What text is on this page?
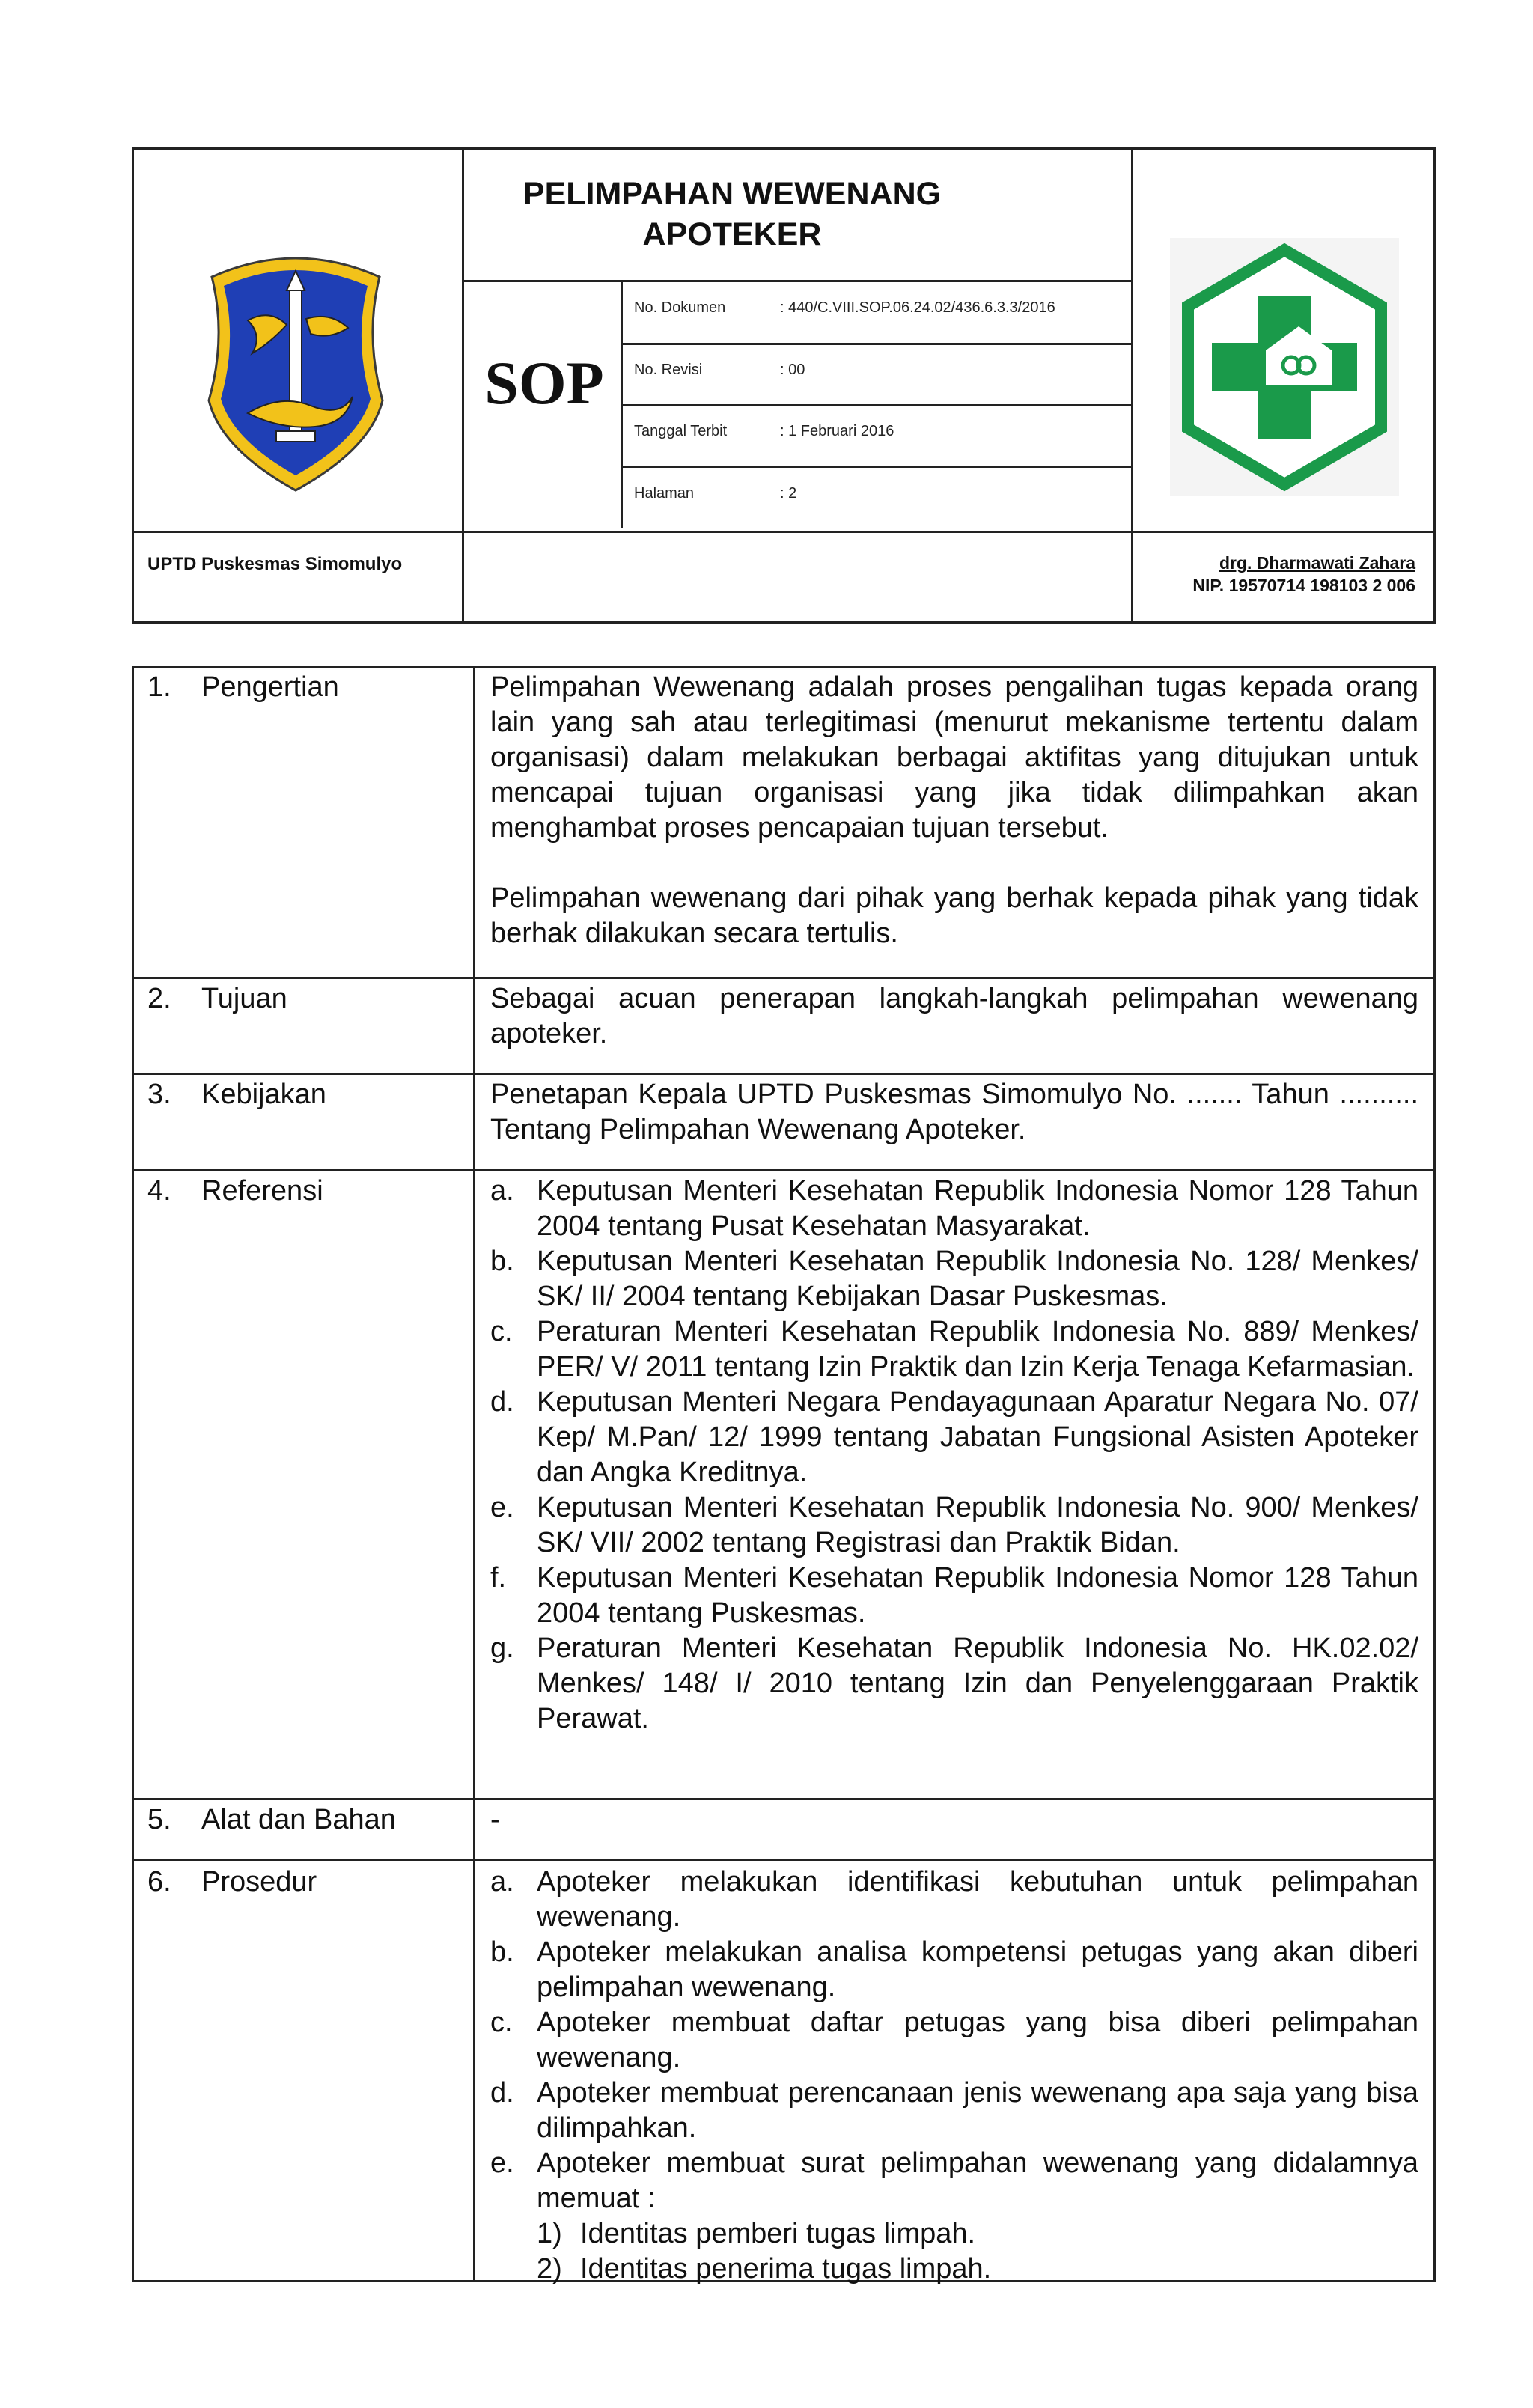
PELIMPAHAN WEWENANG
APOTEKER
SOP
No. Dokumen	: 440/C.VIII.SOP.06.24.02/436.6.3.3/2016
No. Revisi	: 00
Tanggal Terbit	: 1 Februari 2016
Halaman	: 2
UPTD Puskesmas Simomulyo	drg. Dharmawati Zahara
NIP. 19570714 198103 2 006
1. Pengertian	Pelimpahan Wewenang adalah proses pengalihan tugas kepada orang lain yang sah atau terlegitimasi (menurut mekanisme tertentu dalam organisasi) dalam melakukan berbagai aktifitas yang ditujukan untuk mencapai tujuan organisasi yang jika tidak dilimpahkan akan menghambat proses pencapaian tujuan tersebut.

Pelimpahan wewenang dari pihak yang berhak kepada pihak yang tidak berhak dilakukan secara tertulis.

2. Tujuan	Sebagai acuan penerapan langkah-langkah pelimpahan wewenang apoteker.

3. Kebijakan	Penetapan Kepala UPTD Puskesmas Simomulyo No. ....... Tahun .......... Tentang Pelimpahan Wewenang Apoteker.

4. Referensi	a. Keputusan Menteri Kesehatan Republik Indonesia Nomor 128 Tahun 2004 tentang Pusat Kesehatan Masyarakat.
b. Keputusan Menteri Kesehatan Republik Indonesia No. 128/ Menkes/ SK/ II/ 2004 tentang Kebijakan Dasar Puskesmas.
c. Peraturan Menteri Kesehatan Republik Indonesia No. 889/ Menkes/ PER/ V/ 2011 tentang Izin Praktik dan Izin Kerja Tenaga Kefarmasian.
d. Keputusan Menteri Negara Pendayagunaan Aparatur Negara No. 07/ Kep/ M.Pan/ 12/ 1999 tentang Jabatan Fungsional Asisten Apoteker dan Angka Kreditnya.
e. Keputusan Menteri Kesehatan Republik Indonesia No. 900/ Menkes/ SK/ VII/ 2002 tentang Registrasi dan Praktik Bidan.
f. Keputusan Menteri Kesehatan Republik Indonesia Nomor 128 Tahun 2004 tentang Puskesmas.
g. Peraturan Menteri Kesehatan Republik Indonesia No. HK.02.02/ Menkes/ 148/ I/ 2010 tentang Izin dan Penyelenggaraan Praktik Perawat.
5. Alat dan Bahan	-

6. Prosedur	a. Apoteker melakukan identifikasi kebutuhan untuk pelimpahan wewenang.
b. Apoteker melakukan analisa kompetensi petugas yang akan diberi pelimpahan wewenang.
c. Apoteker membuat daftar petugas yang bisa diberi pelimpahan wewenang.
d. Apoteker membuat perencanaan jenis wewenang apa saja yang bisa dilimpahkan.
e. Apoteker membuat surat pelimpahan wewenang yang didalamnya memuat :
1) Identitas pemberi tugas limpah.
2) Identitas penerima tugas limpah.
